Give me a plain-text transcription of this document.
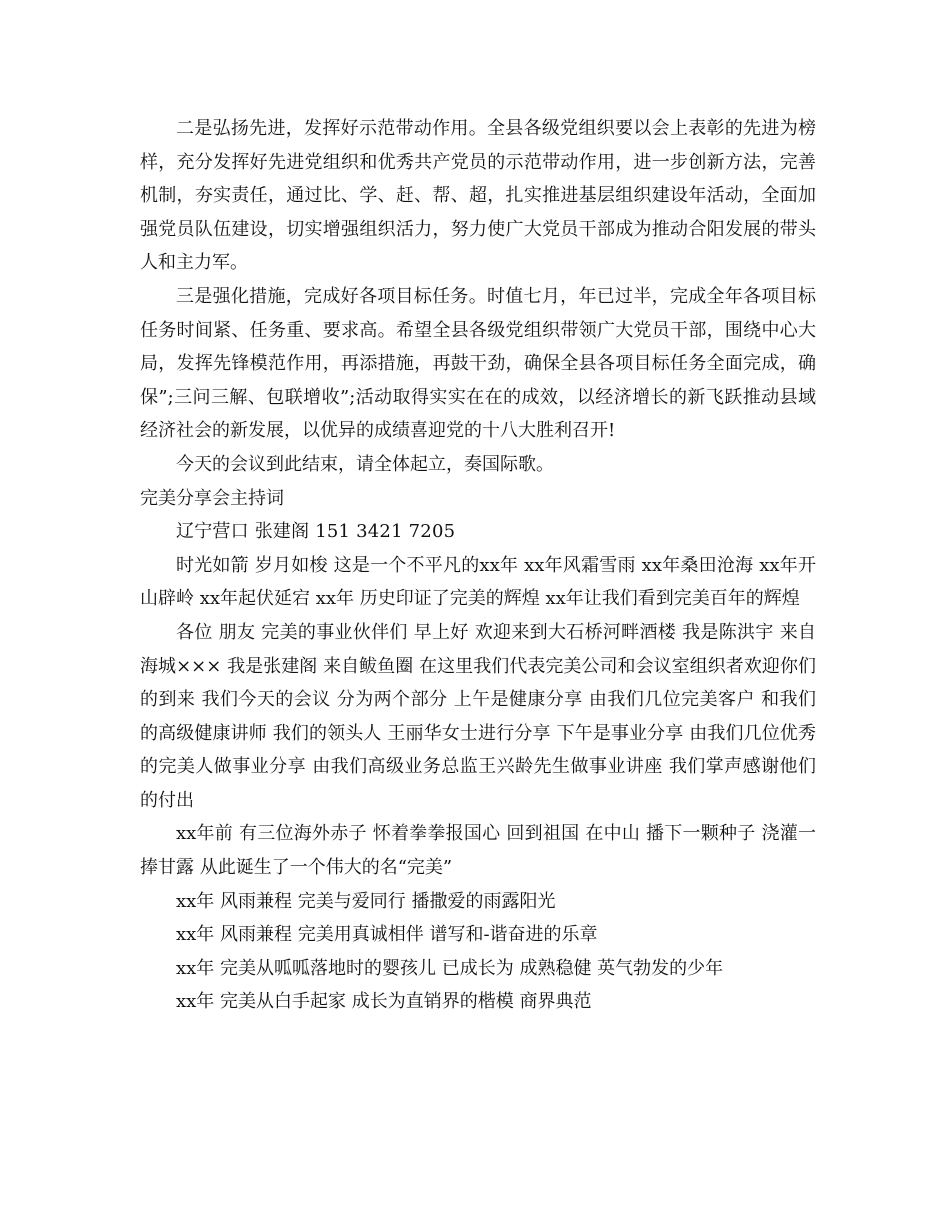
二是弘扬先进，发挥好示范带动作用。全县各级党组织要以会上表彰的先进为榜样，充分发挥好先进党组织和优秀共产党员的示范带动作用，进一步创新方法，完善机制，夯实责任，通过比、学、赶、帮、超，扎实推进基层组织建设年活动，全面加强党员队伍建设，切实增强组织活力，努力使广大党员干部成为推动合阳发展的带头人和主力军。

三是强化措施，完成好各项目标任务。时值七月，年已过半，完成全年各项目标任务时间紧、任务重、要求高。希望全县各级党组织带领广大党员干部，围绕中心大局，发挥先锋模范作用，再添措施，再鼓干劲，确保全县各项目标任务全面完成，确保”;三问三解、包联增收”;活动取得实实在在的成效，以经济增长的新飞跃推动县域经济社会的新发展，以优异的成绩喜迎党的十八大胜利召开!

今天的会议到此结束，请全体起立，奏国际歌。

完美分享会主持词

辽宁营口 张建阁 151 3421 7205

时光如箭 岁月如梭 这是一个不平凡的xx年 xx年风霜雪雨 xx年桑田沧海 xx年开山辟岭 xx年起伏延宕 xx年 历史印证了完美的辉煌 xx年让我们看到完美百年的辉煌

各位 朋友 完美的事业伙伴们 早上好 欢迎来到大石桥河畔酒楼 我是陈洪宇 来自海城××× 我是张建阁 来自鲅鱼圈 在这里我们代表完美公司和会议室组织者欢迎你们的到来 我们今天的会议 分为两个部分 上午是健康分享 由我们几位完美客户 和我们的高级健康讲师 我们的领头人 王丽华女士进行分享 下午是事业分享 由我们几位优秀的完美人做事业分享 由我们高级业务总监王兴龄先生做事业讲座 我们掌声感谢他们的付出

xx年前 有三位海外赤子 怀着拳拳报国心 回到祖国 在中山 播下一颗种子 浇灌一捧甘露 从此诞生了一个伟大的名“完美”

xx年 风雨兼程 完美与爱同行 播撒爱的雨露阳光

xx年 风雨兼程 完美用真诚相伴 谱写和-谐奋进的乐章

xx年 完美从呱呱落地时的婴孩儿 已成长为 成熟稳健 英气勃发的少年

xx年 完美从白手起家 成长为直销界的楷模 商界典范
